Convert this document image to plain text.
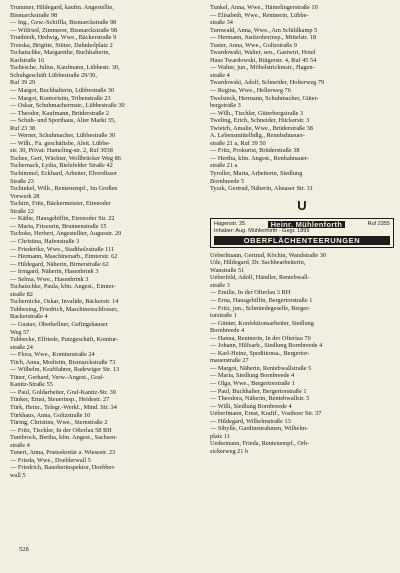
Trummer, Hildegard, kaufm. Angestellte,
Bismarckstraße 98
— Ing., Gew.-Schiffla, Bismarckstraße 98
— Wilfried, Zimmerer, Bismarckstraße 98
Trunbieth, Hedwig, Wwe., Bäckerstraße 9
Trzeska, Brigitte, Stütze, Dahnholplatz 2
Tschatschke, Margarethe, Buchhalterin,
Karlstraße 16
Tschesche, Julius, Kaufmann, Lübbestr. 30,
Schuhgeschäft Lübbestraße 29/30,
Ruf 39 29
— Margot, Buchhalterin, Lübbestraße 30
— Margot, Kontoristin, Tribenstraße 23
— Oskar, Schuhmachermstr., Lübbestraße 30
— Theodor, Kaufmann, Brüderstraße 2
— Schuh- und Sporthaus, Alter Markt 35,
Ruf 23 38
— Werner, Schuhmacher, Lübbestraße 30
— Wilh., Fa. geschäftsbe, Aleit. Lübbe-
str. 30, Privat: Hameling-str. 2, Ruf 3038
Tschee, Gert, Wächter, Wollbrücker Weg 86
Tschernack, Lydia, Bielefelder Straße 42
Tschimmel, Eckhard, Arbeiter, Elverdisser
Straße 23
Tschinkel, Wilh., Rentenempf., Im Großen
Vorwerk 28
Tschirn, Frits, Bäckermeister, Etrenoder
Straße 22
— Käthe, Hausgehilfin, Etrenoder Str. 22
— Marta, Friseurin, Brunnenstraße 15
Tschoke, Herbert, Angestellter, Augusstr. 20
— Christina, Hafenstraße 3
— Friederike, Wwe., Stadtholzstraße 111
— Hermann, Maschinenarb., Eimterstr. 62
— Hildegard, Näherin, Birnerstraße 62
— Irmgard, Näherin, Hasenbrink 3
— Selma, Wwe., Hasenbrink 3
Tschatschke, Paula, kfm. Angest., Eimter-
straße 82
Tschernicke, Oskar, Invalide, Bäckerstr. 14
Tubbesing, Friedrich, Maschinenschlosser,
Backerstraße 4
— Gustav, Oberkellner, Gefingshauser
Weg 57
Tubbecke, Elfriede, Putzgeschäft, Komtur-
straße 24
— Flora, Wwe., Komturstraße 24
Tüch, Anna, Modistin, Bismarckstraße 73
— Wilhelm, Kraftfahrer, Radewiger Str. 13
Tüner, Gerhard, Verw.-Angest., Graf-
Kanitz-Straße 55
— Paul, Goldarbeiter, Graf-Kanitz-Str. 39
Tünker, Ernst, Steuerinsp., Heidestr. 27
Türk, Heinr., Telegr.-Werkf., Mind. Str. 34
Türkhaus, Anna, Goltzstraße 10
Türing, Christine, Wwe., Sternstraße 2
— Fritz, Tischler, In der Ofterlau 58 RH
Tumbrock, Bertha, kfm. Angest., Sachsen-
straße 4
Tunert, Anna, Postsekretär a. Wiesestr. 23
— Frieda, Wwe., Doeblerwall 5
— Friedrich, Bauoberinspektor, Doebber-
wall 5
Tunkel, Anna, Wwe., Hämelingerstraße 10
— Elisabeth, Wwe., Rentnerin, Lübbe-
straße 34
Turnwald, Anna, Wwe., Am Schildkamp 5
— Hermann, Justizoberinsp., Mittelstr. 18
Tuster, Anna, Wwe., Goltzstraße 9
Twardowski, Walter, sen., Gastwirt, Hotel
Haus Twardowski, Rütgerstr. 4, Ruf 45 54
— Walter, jun., Möbelstrickmstr., Hagen-
straße 4
Twardowski, Adolf, Schneider, Holterweg 79
— Regina, Wwe., Hellerweg 76
Twelsieck, Hermann, Schuhmacher, Güter-
bergstraße 3
— Wilh., Tischler, Güterbergstraße 3
Tweling, Erich, Schneider, Hückerstr. 3
Twietch, Amalie, Wwe., Brüderstraße 38
A. Lebensmittelhdlg., Rennbahnauer-
straße 21 a, Ruf 39 50
— Fritz, Prokurist, Brüderstraße 38
— Hertha, kfm. Angest., Renbahnauer-
straße 21 a
Tyroller, Marta, Arbeiterin, Siedlung
Bornbreede 5
Tyszk, Gertrud, Näherin, Ahnaser Str. 31
U
Hagenstr. 25	Heinr. Mühlenforth	Ruf 2355
Inhaber: Aug. Mühlenforth · Gegr. 1899
OBERFLÄCHENTEERUNGEN
Ueberlmann, Gertrud, Köchin, Wandstraße 30
Ude, Hildegard, Dr. Sachbearbeiterin,
Wanstraße 51
Ueberfeld, Adolf, Händler, Rentebwall-
straße 3
— Emilie, In der Ofterlau 3 RH
— Erna, Hausgehilfin, Bergertorstraße 1
— Fritz, jun., Schmiedegeselle, Berger-
torstraße 1
— Günter, Konfektionsarbeiter, Siedlung
Bornbreede 4
— Hanna, Rentnerin, In der Ofterlau 70
— Johann, Hilfsarb., Siedlung Bornbreede 4
— Karl-Heinz, Speditionsa., Bergertor-
mauerstraße 27
— Margot, Näherin, Rentebwallstraße 5
— Maria, Siedlung Bornbreede 4
— Olga, Wwe., Bergertorstraße 1
— Paul, Buchhalter, Bergertorstraße 1
— Theodora, Näherin, Rentebwallstr. 5
— Willi, Siedlung Bornbreede 4
Ueberfmann, Ernst, Kraftf., Vosthoer Str. 37
— Hildegard, Wilhelmstraße 13
— Sibylle, Gardinenrahmen, Wilhelm-
platz 11
Uedermann, Frieda, Rentenempf., Orb-
sickerweg 21 b
528
